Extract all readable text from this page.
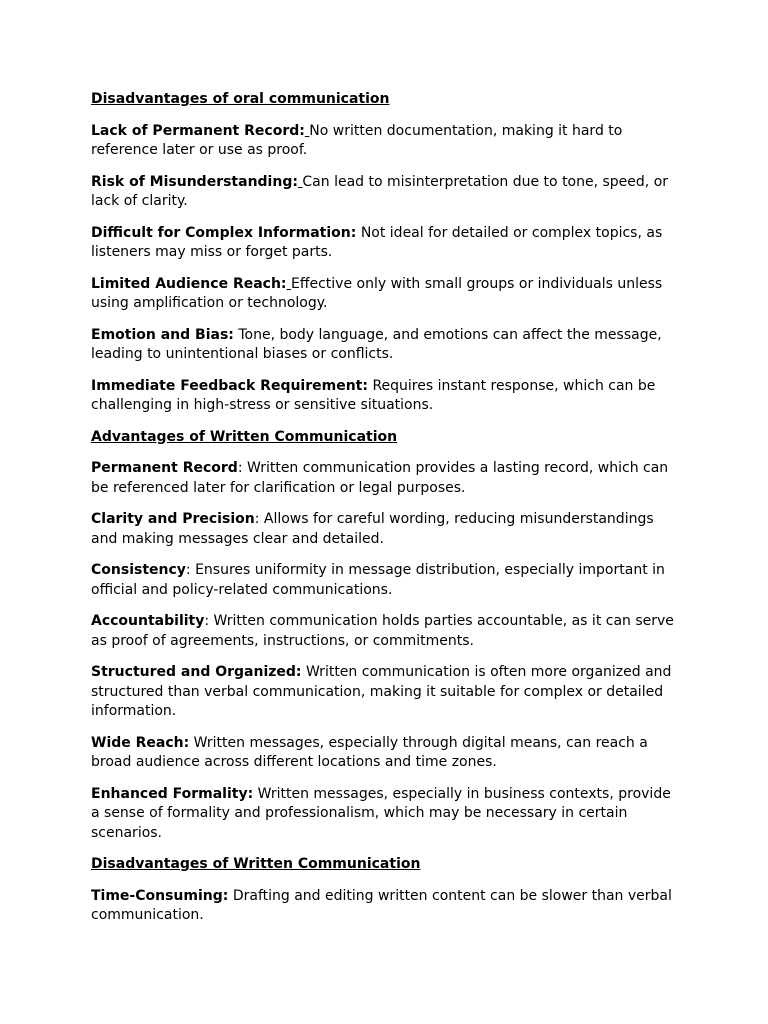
Disadvantages of oral communication

Lack of Permanent Record: No written documentation, making it hard to reference later or use as proof.

Risk of Misunderstanding: Can lead to misinterpretation due to tone, speed, or lack of clarity.

Difficult for Complex Information: Not ideal for detailed or complex topics, as listeners may miss or forget parts.

Limited Audience Reach: Effective only with small groups or individuals unless using amplification or technology.

Emotion and Bias: Tone, body language, and emotions can affect the message, leading to unintentional biases or conflicts.

Immediate Feedback Requirement: Requires instant response, which can be challenging in high-stress or sensitive situations.

Advantages of Written Communication

Permanent Record: Written communication provides a lasting record, which can be referenced later for clarification or legal purposes.

Clarity and Precision: Allows for careful wording, reducing misunderstandings and making messages clear and detailed.

Consistency: Ensures uniformity in message distribution, especially important in official and policy-related communications.

Accountability: Written communication holds parties accountable, as it can serve as proof of agreements, instructions, or commitments.

Structured and Organized: Written communication is often more organized and structured than verbal communication, making it suitable for complex or detailed information.

Wide Reach: Written messages, especially through digital means, can reach a broad audience across different locations and time zones.

Enhanced Formality: Written messages, especially in business contexts, provide a sense of formality and professionalism, which may be necessary in certain scenarios.

Disadvantages of Written Communication

Time-Consuming: Drafting and editing written content can be slower than verbal communication.
